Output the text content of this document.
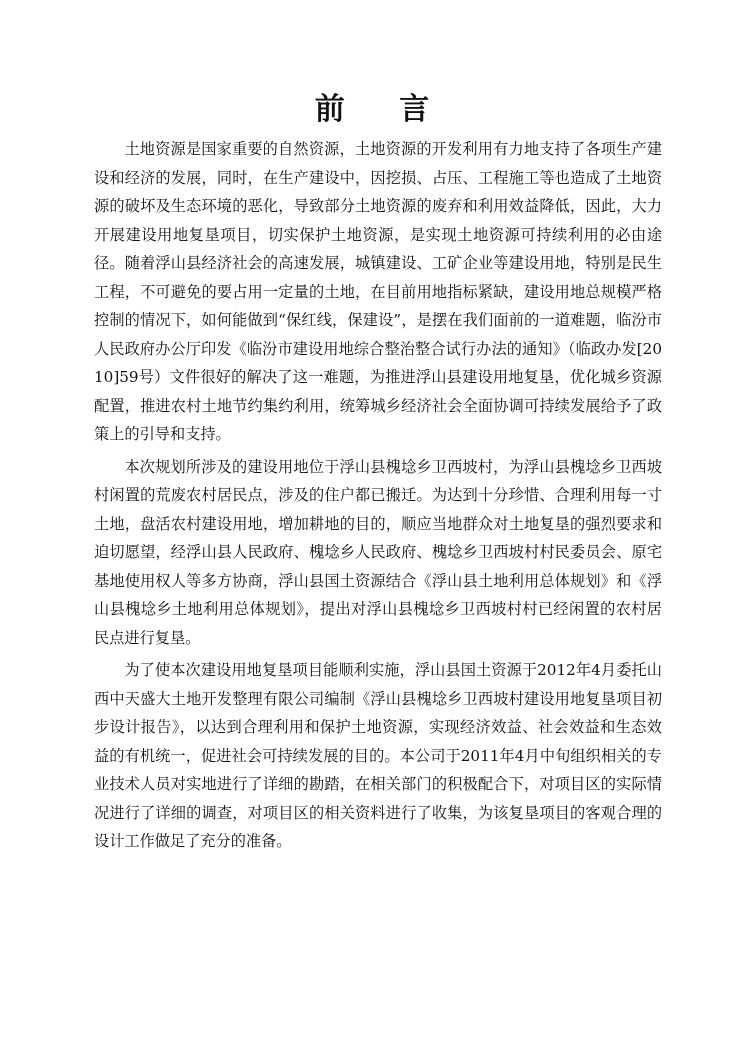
前 言

土地资源是国家重要的自然资源，土地资源的开发利用有力地支持了各项生产建设和经济的发展，同时，在生产建设中，因挖损、占压、工程施工等也造成了土地资源的破坏及生态环境的恶化，导致部分土地资源的废弃和利用效益降低，因此，大力开展建设用地复垦项目，切实保护土地资源，是实现土地资源可持续利用的必由途径。随着浮山县经济社会的高速发展，城镇建设、工矿企业等建设用地，特别是民生工程，不可避免的要占用一定量的土地，在目前用地指标紧缺，建设用地总规模严格控制的情况下，如何能做到“保红线，保建设”，是摆在我们面前的一道难题，临汾市人民政府办公厅印发《临汾市建设用地综合整治整合试行办法的通知》（临政办发[2010]59号）文件很好的解决了这一难题，为推进浮山县建设用地复垦，优化城乡资源配置，推进农村土地节约集约利用，统筹城乡经济社会全面协调可持续发展给予了政策上的引导和支持。

本次规划所涉及的建设用地位于浮山县槐埝乡卫西坡村，为浮山县槐埝乡卫西坡村闲置的荒废农村居民点，涉及的住户都已搬迁。为达到十分珍惜、合理利用每一寸土地，盘活农村建设用地，增加耕地的目的，顺应当地群众对土地复垦的强烈要求和迫切愿望，经浮山县人民政府、槐埝乡人民政府、槐埝乡卫西坡村村民委员会、原宅基地使用权人等多方协商，浮山县国土资源结合《浮山县土地利用总体规划》和《浮山县槐埝乡土地利用总体规划》，提出对浮山县槐埝乡卫西坡村村已经闲置的农村居民点进行复垦。

为了使本次建设用地复垦项目能顺利实施，浮山县国土资源于2012年4月委托山西中天盛大土地开发整理有限公司编制《浮山县槐埝乡卫西坡村建设用地复垦项目初步设计报告》，以达到合理利用和保护土地资源，实现经济效益、社会效益和生态效益的有机统一，促进社会可持续发展的目的。本公司于2011年4月中旬组织相关的专业技术人员对实地进行了详细的勘踏，在相关部门的积极配合下，对项目区的实际情况进行了详细的调查，对项目区的相关资料进行了收集，为该复垦项目的客观合理的设计工作做足了充分的准备。
